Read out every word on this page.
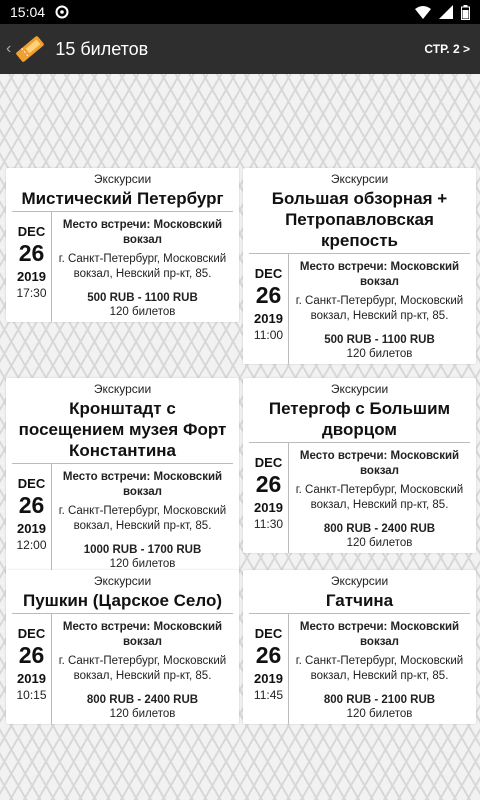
15:04
‹ 15 билетов	СТР. 2 >
Экскурсии
Мистический Петербург
DEC
26
2019
17:30
Место встречи: Московский вокзал
г. Санкт-Петербург, Московский вокзал, Невский пр-кт, 85.
500 RUB - 1100 RUB
120 билетов
Экскурсии
Большая обзорная + Петропавловская крепость
DEC
26
2019
11:00
Место встречи: Московский вокзал
г. Санкт-Петербург, Московский вокзал, Невский пр-кт, 85.
500 RUB - 1100 RUB
120 билетов
Экскурсии
Кронштадт с посещением музея Форт Константина
DEC
26
2019
12:00
Место встречи: Московский вокзал
г. Санкт-Петербург, Московский вокзал, Невский пр-кт, 85.
1000 RUB - 1700 RUB
120 билетов
Экскурсии
Петергоф с Большим дворцом
DEC
26
2019
11:30
Место встречи: Московский вокзал
г. Санкт-Петербург, Московский вокзал, Невский пр-кт, 85.
800 RUB - 2400 RUB
120 билетов
Экскурсии
Пушкин (Царское Село)
DEC
26
2019
10:15
Место встречи: Московский вокзал
г. Санкт-Петербург, Московский вокзал, Невский пр-кт, 85.
800 RUB - 2400 RUB
120 билетов
Экскурсии
Гатчина
DEC
26
2019
11:45
Место встречи: Московский вокзал
г. Санкт-Петербург, Московский вокзал, Невский пр-кт, 85.
800 RUB - 2100 RUB
120 билетов
